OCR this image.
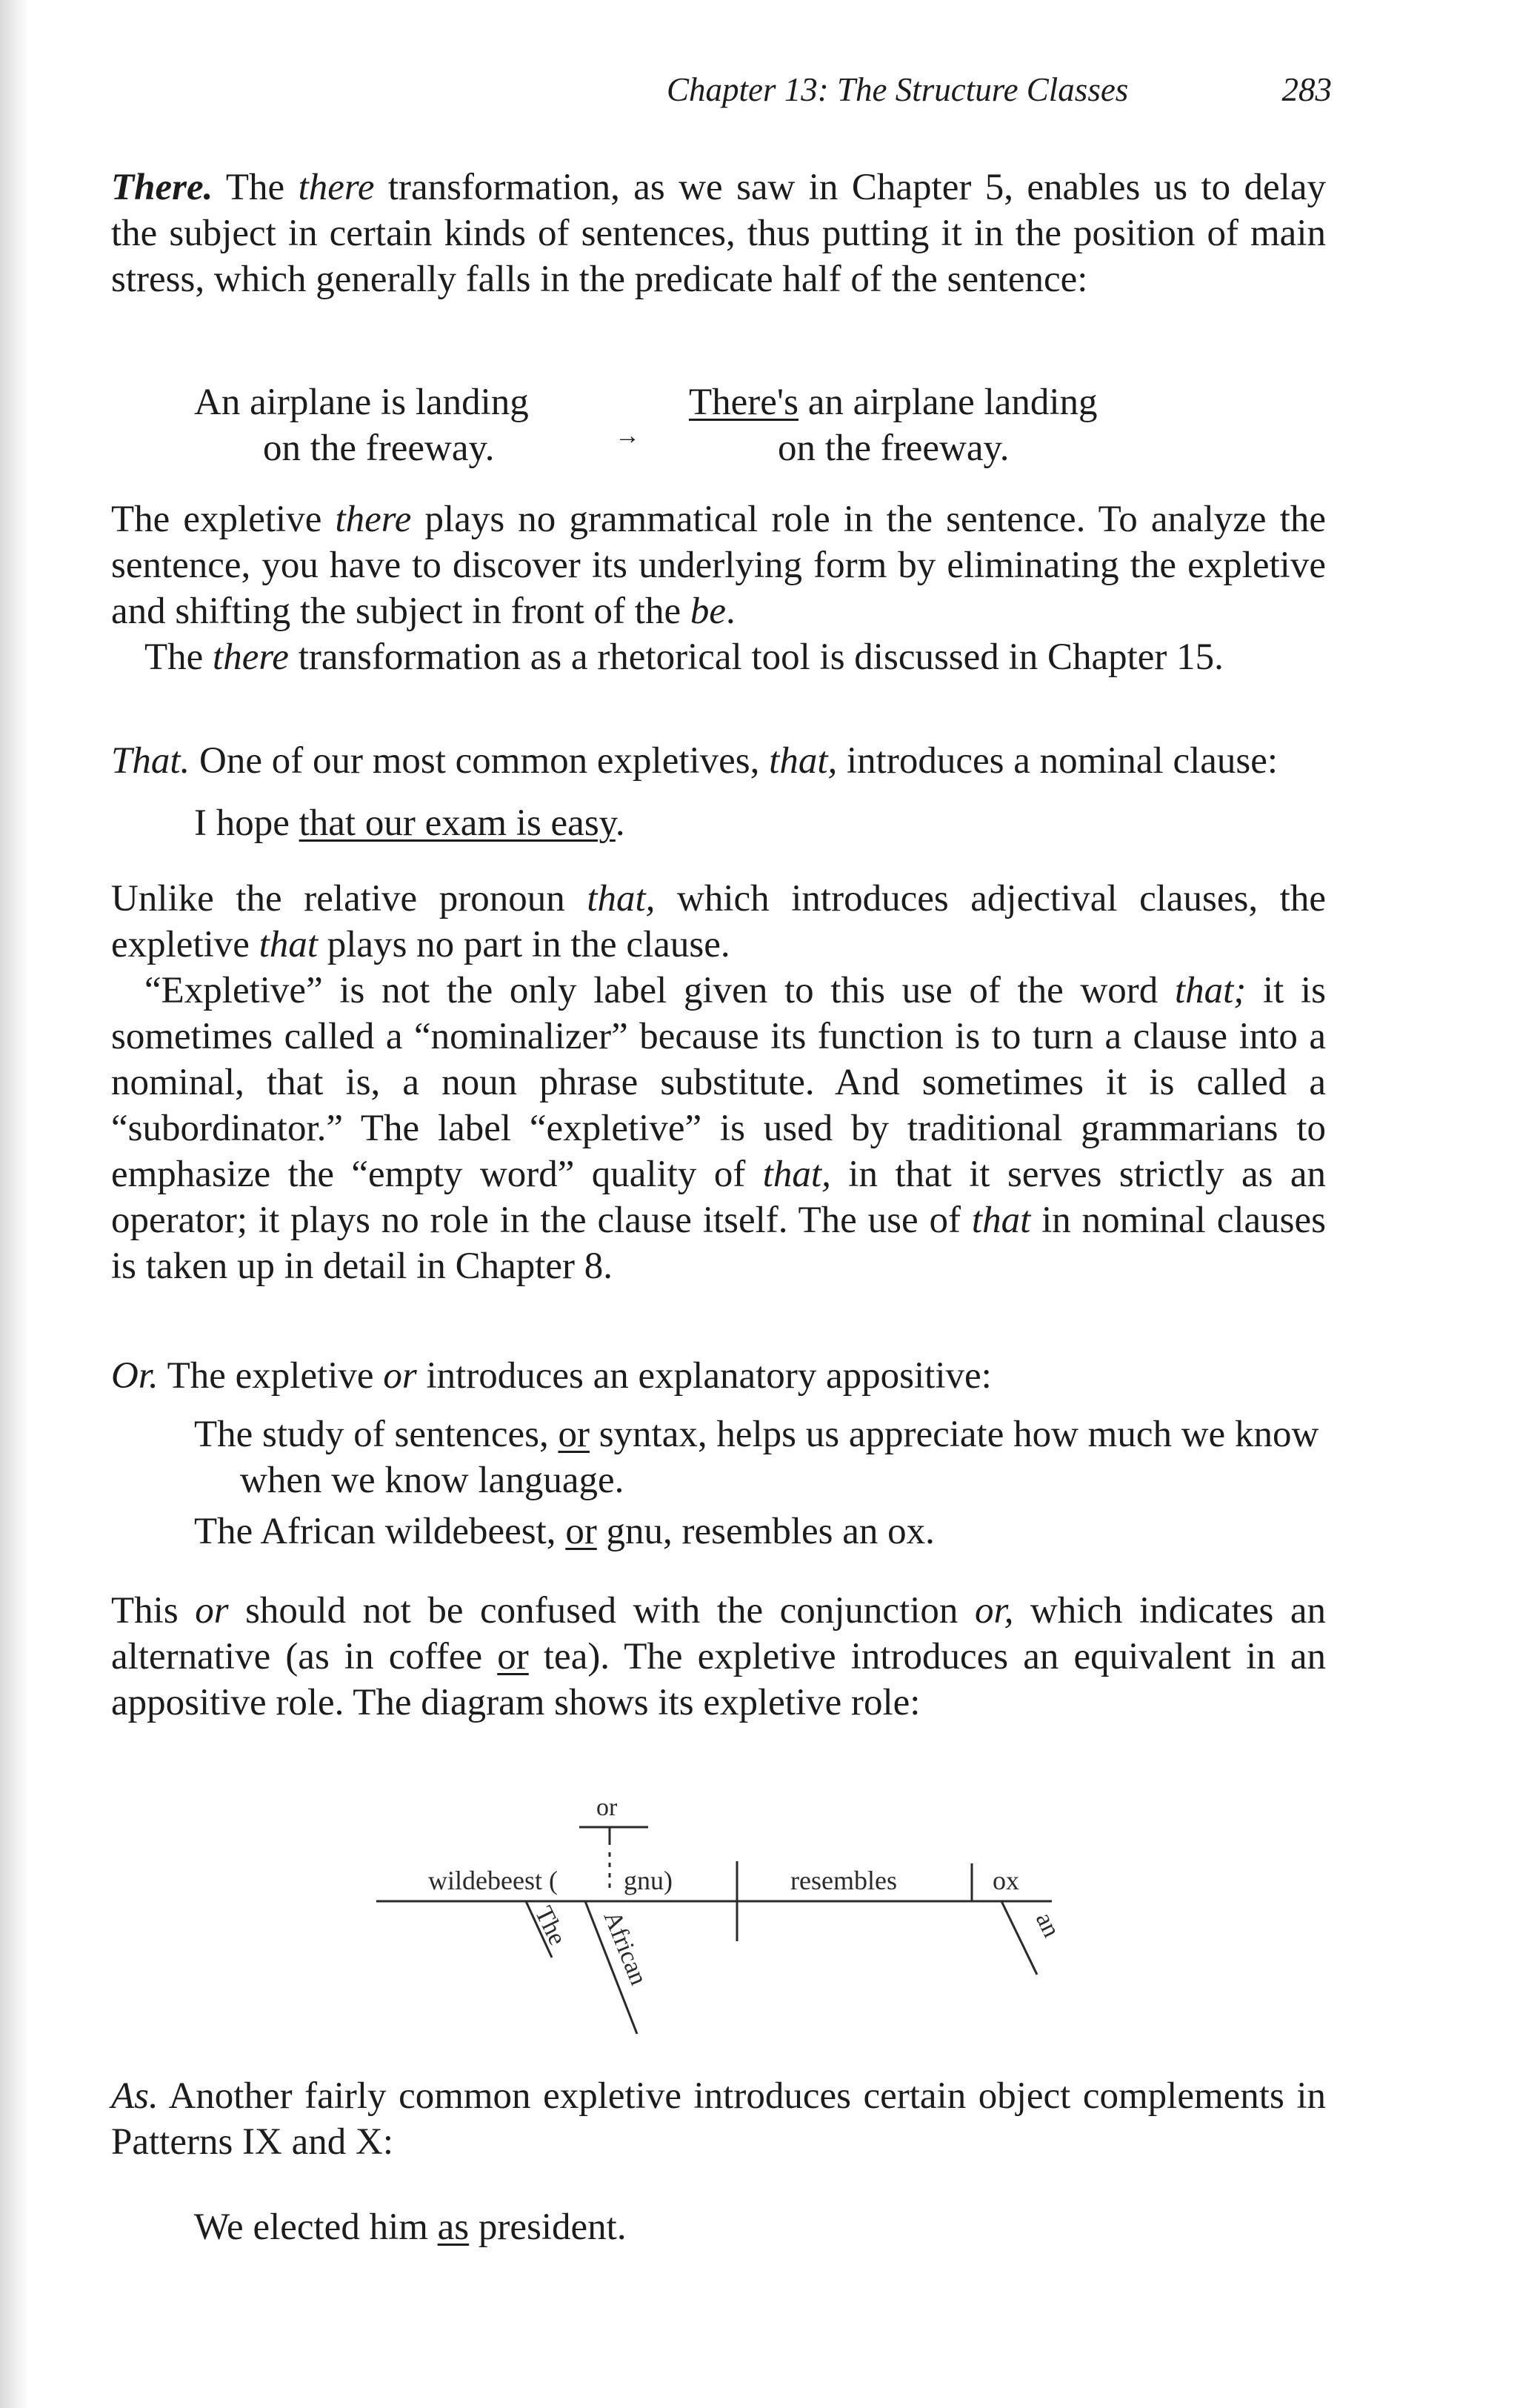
Chapter 13: The Structure Classes	283

There. The there transformation, as we saw in Chapter 5, enables us to delay the subject in certain kinds of sentences, thus putting it in the position of main stress, which generally falls in the predicate half of the sentence:

An airplane is landing
on the freeway.	→
There's an airplane landing
on the freeway.

The expletive there plays no grammatical role in the sentence. To analyze the sentence, you have to discover its underlying form by eliminating the expletive and shifting the subject in front of the be.

The there transformation as a rhetorical tool is discussed in Chapter 15.

That. One of our most common expletives, that, introduces a nominal clause:

I hope that our exam is easy.

Unlike the relative pronoun that, which introduces adjectival clauses, the expletive that plays no part in the clause.

“Expletive” is not the only label given to this use of the word that; it is sometimes called a “nominalizer” because its function is to turn a clause into a nominal, that is, a noun phrase substitute. And sometimes it is called a “subordinator.” The label “expletive” is used by traditional grammarians to emphasize the “empty word” quality of that, in that it serves strictly as an operator; it plays no role in the clause itself. The use of that in nominal clauses is taken up in detail in Chapter 8.

Or. The expletive or introduces an explanatory appositive:

The study of sentences, or syntax, helps us appreciate how much we know when we know language.
The African wildebeest, or gnu, resembles an ox.

This or should not be confused with the conjunction or, which indicates an alternative (as in coffee or tea). The expletive introduces an equivalent in an appositive role. The diagram shows its expletive role:

or
wildebeest ( gnu)	resembles	ox
The African	an

As. Another fairly common expletive introduces certain object complements in Patterns IX and X:

We elected him as president.
